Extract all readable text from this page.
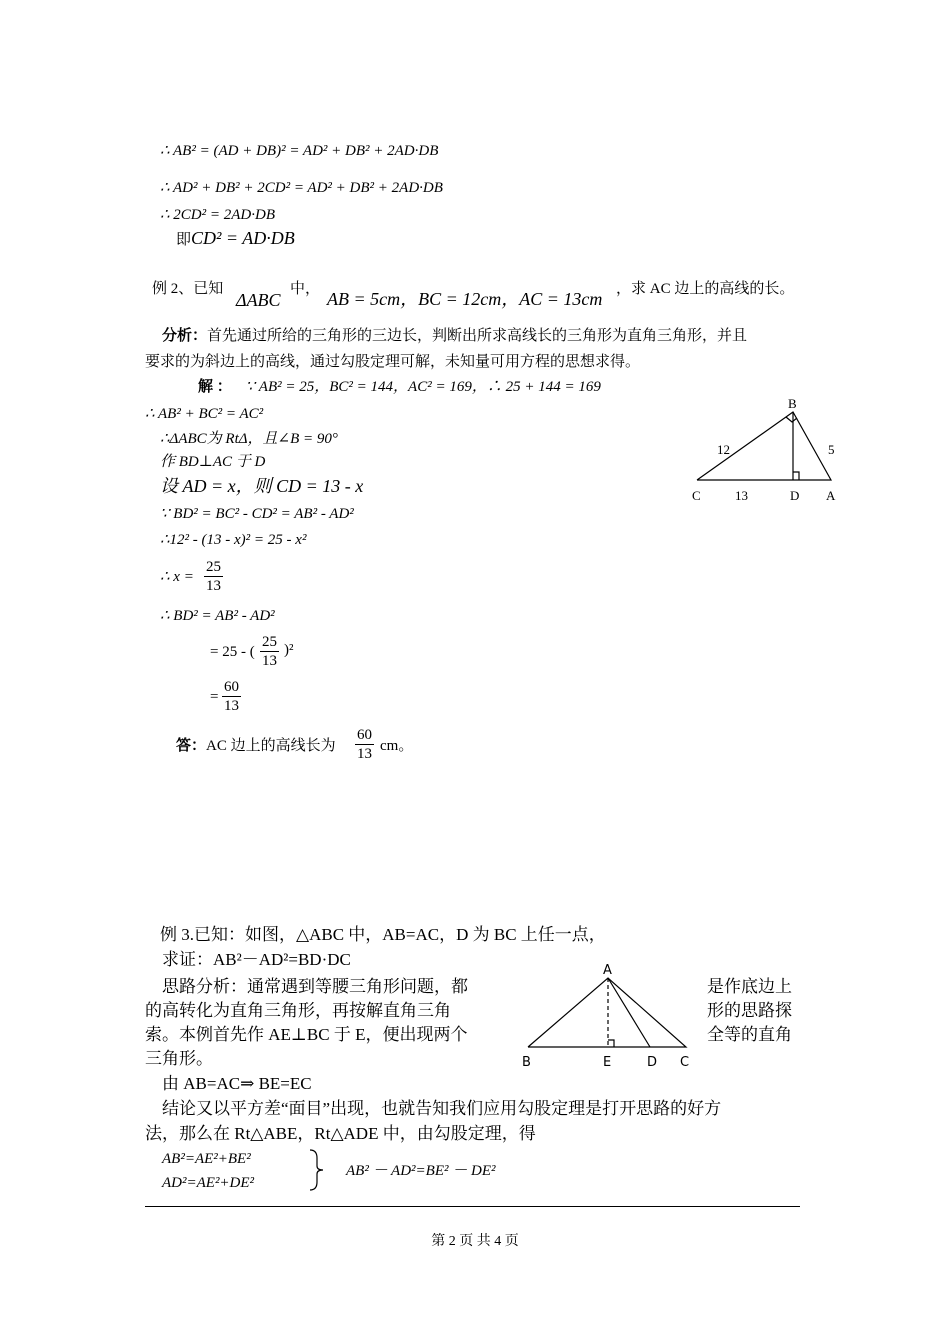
∴ AB² = (AD + DB)² = AD² + DB² + 2AD·DB
∴ AD² + DB² + 2CD² = AD² + DB² + 2AD·DB
∴ 2CD² = 2AD·DB
即CD² = AD·DB
例 2、已知
ΔABC
中， AB = 5cm，BC = 12cm，AC = 13cm ，求 AC 边上的高线的长。
分析：首先通过所给的三角形的三边长，判断出所求高线长的三角形为直角三角形，并且
要求的为斜边上的高线，通过勾股定理可解，未知量可用方程的思想求得。
解 ： ∵ AB² = 25，BC² = 144，AC² = 169，∴ 25 + 144 = 169
∴ AB² + BC² = AC²
∴ΔABC为 RtΔ，且∠B = 90°
作 BD⊥AC 于 D
设 AD = x，则 CD = 13 - x
∵ BD² = BC² - CD² = AB² - AD²
∴12² - (13 - x)² = 25 - x²
∴ $x = \frac{25}{13}$
∴ BD² = AB² - AD²
= 25 - ( $\frac{25}{13} )^2$
= $\frac{60}{13}$
答：AC 边上的高线长为 $\frac{60}{13}$ cm。
B
C	D A
12	5
13
例 3.已知：如图，△ABC 中，AB=AC，D 为 BC 上任一点，
求证：AB²－AD²=BD·DC
思路分析：通常遇到等腰三角形问题，都	是作底边上
的高转化为直角三角形，再按解直角三角	形的思路探
索。本例首先作 AE⊥BC 于 E，便出现两个	全等的直角
三角形。
由 AB=AC⇒ BE=EC
结论又以平方差“面目”出现，也就告知我们应用勾股定理是打开思路的好方
法，那么在 Rt△ABE，Rt△ADE 中，由勾股定理，得
AB²=AE²+BE²
AD²=AE²+DE²
AB² － AD²=BE² － DE²
A
B	E	D C
第 2 页 共 4 页
